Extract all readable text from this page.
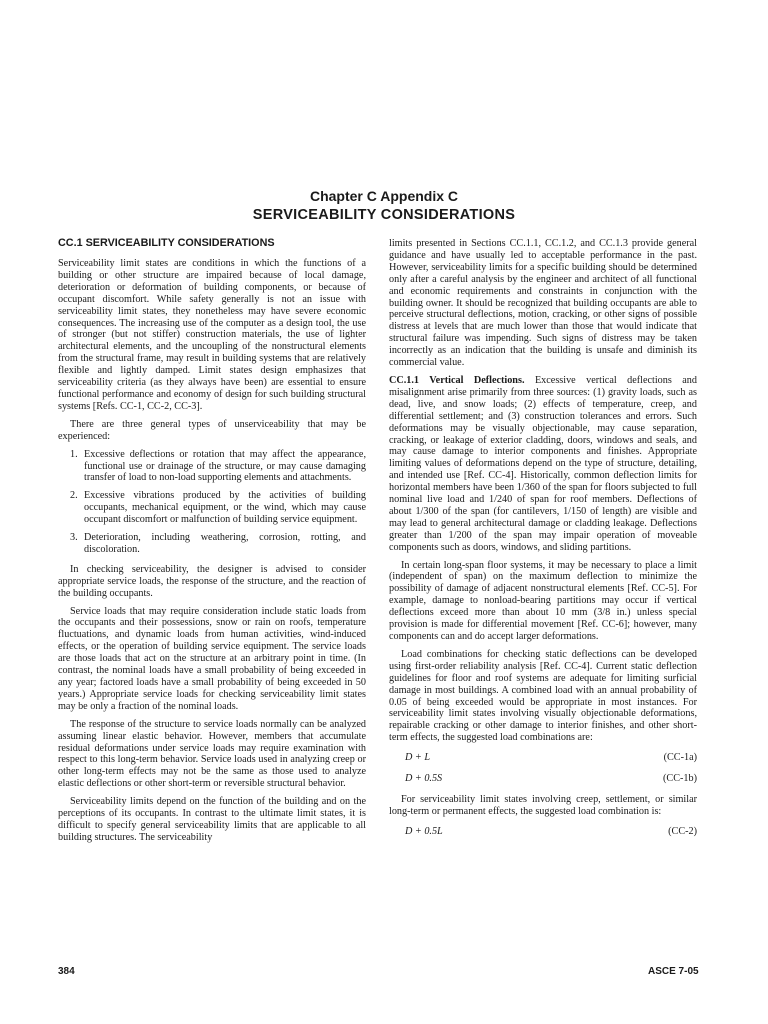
Chapter C Appendix C

SERVICEABILITY CONSIDERATIONS

CC.1 SERVICEABILITY CONSIDERATIONS

Serviceability limit states are conditions in which the functions of a building or other structure are impaired because of local damage, deterioration or deformation of building components, or because of occupant discomfort. While safety generally is not an issue with serviceability limit states, they nonetheless may have severe economic consequences. The increasing use of the computer as a design tool, the use of stronger (but not stiffer) construction materials, the use of lighter architectural elements, and the uncoupling of the nonstructural elements from the structural frame, may result in building systems that are relatively flexible and lightly damped. Limit states design emphasizes that serviceability criteria (as they always have been) are essential to ensure functional performance and economy of design for such building structural systems [Refs. CC-1, CC-2, CC-3].

There are three general types of unserviceability that may be experienced:

1. Excessive deflections or rotation that may affect the appearance, functional use or drainage of the structure, or may cause damaging transfer of load to non-load supporting elements and attachments.
2. Excessive vibrations produced by the activities of building occupants, mechanical equipment, or the wind, which may cause occupant discomfort or malfunction of building service equipment.
3. Deterioration, including weathering, corrosion, rotting, and discoloration.

In checking serviceability, the designer is advised to consider appropriate service loads, the response of the structure, and the reaction of the building occupants.

Service loads that may require consideration include static loads from the occupants and their possessions, snow or rain on roofs, temperature fluctuations, and dynamic loads from human activities, wind-induced effects, or the operation of building service equipment. The service loads are those loads that act on the structure at an arbitrary point in time. (In contrast, the nominal loads have a small probability of being exceeded in any year; factored loads have a small probability of being exceeded in 50 years.) Appropriate service loads for checking serviceability limit states may be only a fraction of the nominal loads.

The response of the structure to service loads normally can be analyzed assuming linear elastic behavior. However, members that accumulate residual deformations under service loads may require examination with respect to this long-term behavior. Service loads used in analyzing creep or other long-term effects may not be the same as those used to analyze elastic deflections or other short-term or reversible structural behavior.

Serviceability limits depend on the function of the building and on the perceptions of its occupants. In contrast to the ultimate limit states, it is difficult to specify general serviceability limits that are applicable to all building structures. The serviceability

limits presented in Sections CC.1.1, CC.1.2, and CC.1.3 provide general guidance and have usually led to acceptable performance in the past. However, serviceability limits for a specific building should be determined only after a careful analysis by the engineer and architect of all functional and economic requirements and constraints in conjunction with the building owner. It should be recognized that building occupants are able to perceive structural deflections, motion, cracking, or other signs of possible distress at levels that are much lower than those that would indicate that structural failure was impending. Such signs of distress may be taken incorrectly as an indication that the building is unsafe and diminish its commercial value.

CC.1.1 Vertical Deflections. Excessive vertical deflections and misalignment arise primarily from three sources: (1) gravity loads, such as dead, live, and snow loads; (2) effects of temperature, creep, and differential settlement; and (3) construction tolerances and errors. Such deformations may be visually objectionable, may cause separation, cracking, or leakage of exterior cladding, doors, windows and seals, and may cause damage to interior components and finishes. Appropriate limiting values of deformations depend on the type of structure, detailing, and intended use [Ref. CC-4]. Historically, common deflection limits for horizontal members have been 1/360 of the span for floors subjected to full nominal live load and 1/240 of span for roof members. Deflections of about 1/300 of the span (for cantilevers, 1/150 of length) are visible and may lead to general architectural damage or cladding leakage. Deflections greater than 1/200 of the span may impair operation of moveable components such as doors, windows, and sliding partitions.

In certain long-span floor systems, it may be necessary to place a limit (independent of span) on the maximum deflection to minimize the possibility of damage of adjacent nonstructural elements [Ref. CC-5]. For example, damage to nonload-bearing partitions may occur if vertical deflections exceed more than about 10 mm (3/8 in.) unless special provision is made for differential movement [Ref. CC-6]; however, many components can and do accept larger deformations.

Load combinations for checking static deflections can be developed using first-order reliability analysis [Ref. CC-4]. Current static deflection guidelines for floor and roof systems are adequate for limiting surficial damage in most buildings. A combined load with an annual probability of 0.05 of being exceeded would be appropriate in most instances. For serviceability limit states involving visually objectionable deformations, repairable cracking or other damage to interior finishes, and other short-term effects, the suggested load combinations are:

D + L	(CC-1a)
D + 0.5S	(CC-1b)

For serviceability limit states involving creep, settlement, or similar long-term or permanent effects, the suggested load combination is:

D + 0.5L	(CC-2)
384	ASCE 7-05
